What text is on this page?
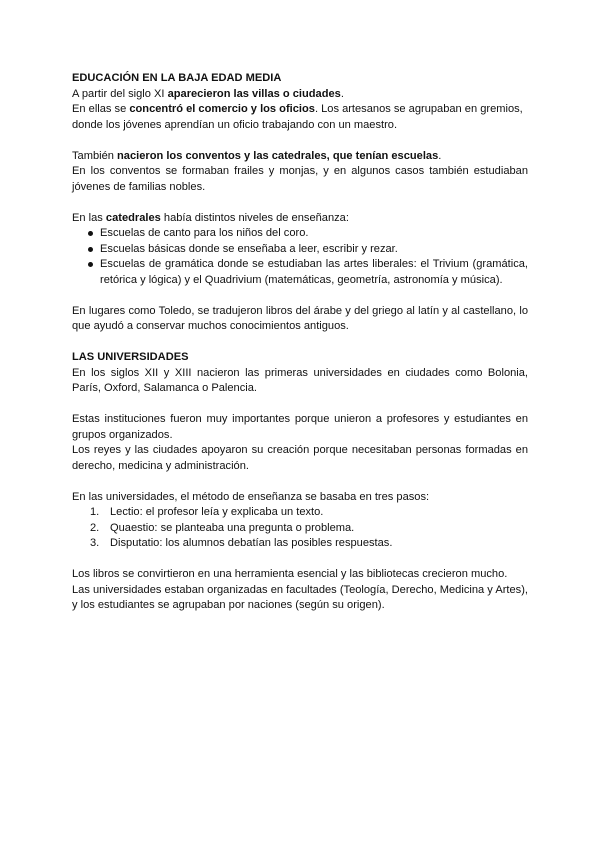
EDUCACIÓN EN LA BAJA EDAD MEDIA

A partir del siglo XI aparecieron las villas o ciudades.

En ellas se concentró el comercio y los oficios. Los artesanos se agrupaban en gremios, donde los jóvenes aprendían un oficio trabajando con un maestro.

También nacieron los conventos y las catedrales, que tenían escuelas.

En los conventos se formaban frailes y monjas, y en algunos casos también estudiaban jóvenes de familias nobles.

En las catedrales había distintos niveles de enseñanza:

Escuelas de canto para los niños del coro.
Escuelas básicas donde se enseñaba a leer, escribir y rezar.
Escuelas de gramática donde se estudiaban las artes liberales: el Trivium (gramática, retórica y lógica) y el Quadrivium (matemáticas, geometría, astronomía y música).

En lugares como Toledo, se tradujeron libros del árabe y del griego al latín y al castellano, lo que ayudó a conservar muchos conocimientos antiguos.

LAS UNIVERSIDADES

En los siglos XII y XIII nacieron las primeras universidades en ciudades como Bolonia, París, Oxford, Salamanca o Palencia.

Estas instituciones fueron muy importantes porque unieron a profesores y estudiantes en grupos organizados.

Los reyes y las ciudades apoyaron su creación porque necesitaban personas formadas en derecho, medicina y administración.

En las universidades, el método de enseñanza se basaba en tres pasos:

1. Lectio: el profesor leía y explicaba un texto.
2. Quaestio: se planteaba una pregunta o problema.
3. Disputatio: los alumnos debatían las posibles respuestas.

Los libros se convirtieron en una herramienta esencial y las bibliotecas crecieron mucho.

Las universidades estaban organizadas en facultades (Teología, Derecho, Medicina y Artes), y los estudiantes se agrupaban por naciones (según su origen).
